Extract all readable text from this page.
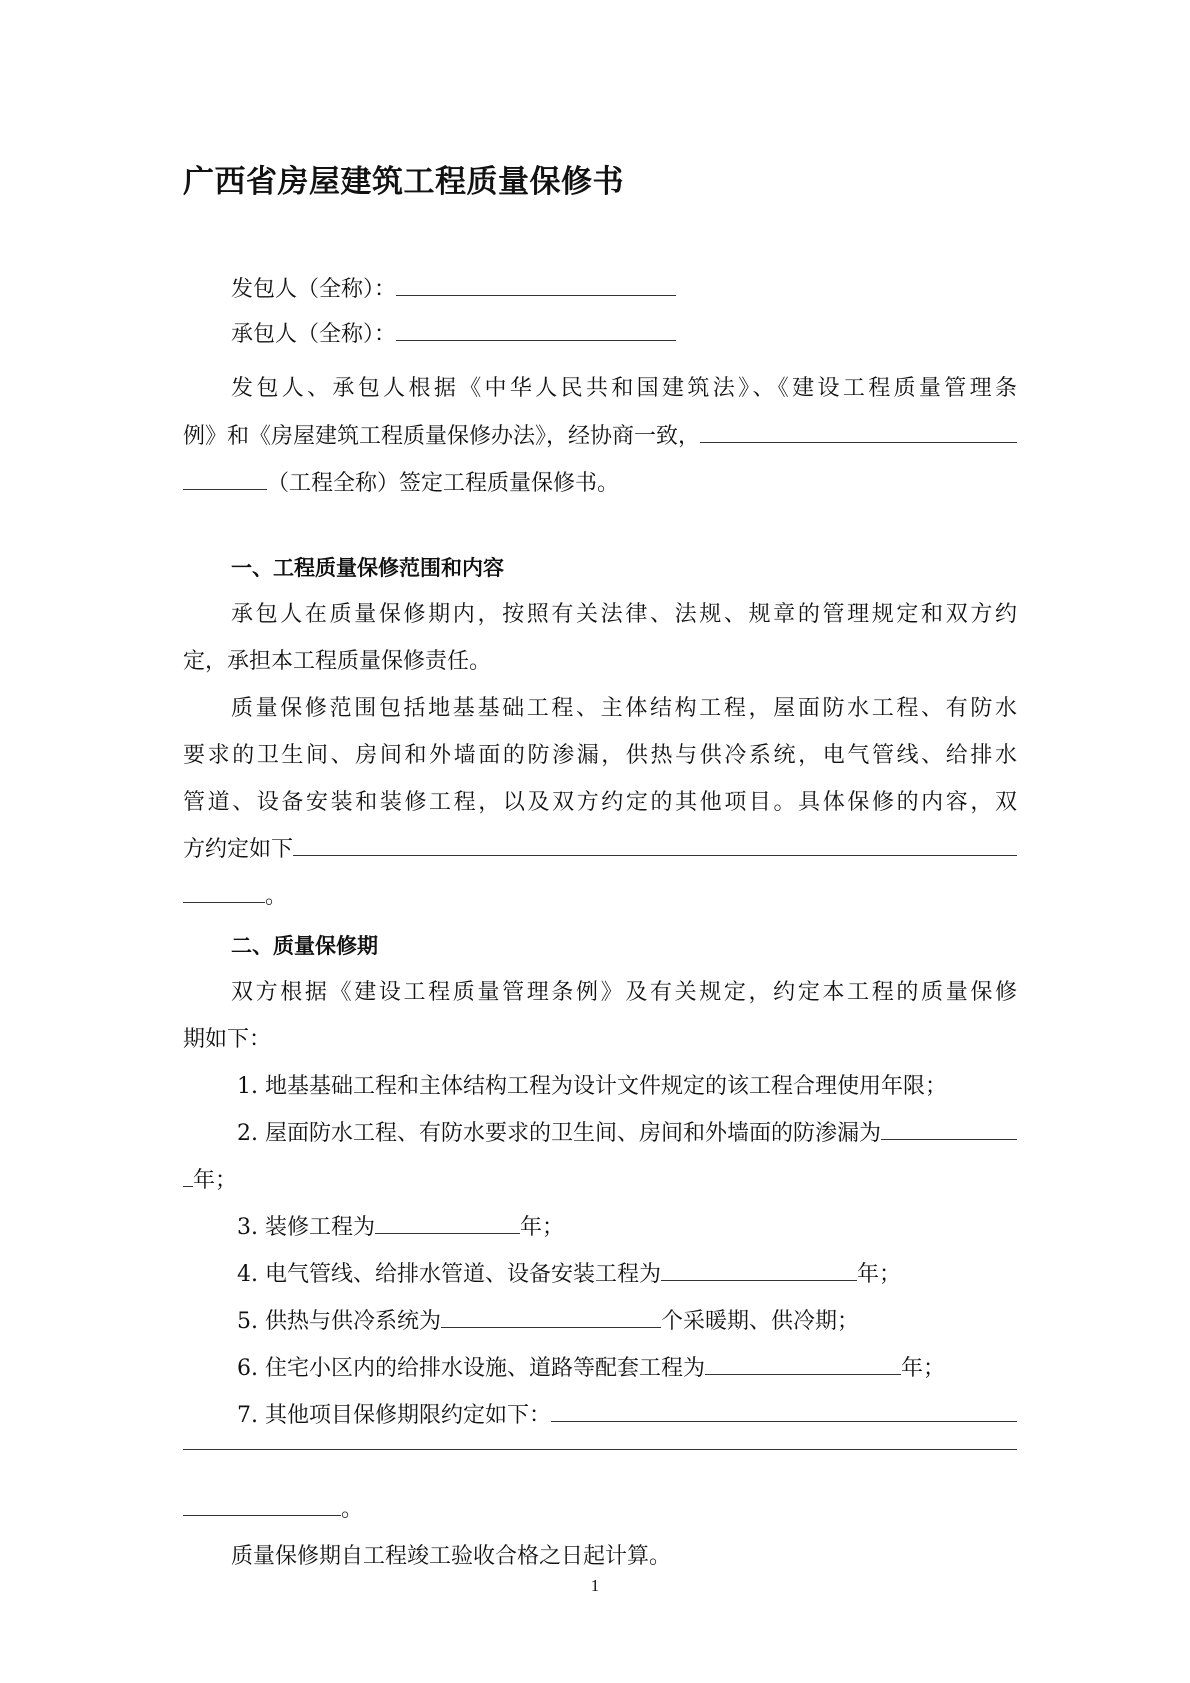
广西省房屋建筑工程质量保修书
发包人（全称）：
承包人（全称）：
发包人、承包人根据《中华人民共和国建筑法》、《建设工程质量管理条
例》和《房屋建筑工程质量保修办法》，经协商一致，
（工程全称）签定工程质量保修书。
一、工程质量保修范围和内容
承包人在质量保修期内，按照有关法律、法规、规章的管理规定和双方约
定，承担本工程质量保修责任。
质量保修范围包括地基基础工程、主体结构工程，屋面防水工程、有防水
要求的卫生间、房间和外墙面的防渗漏，供热与供冷系统，电气管线、给排水
管道、设备安装和装修工程，以及双方约定的其他项目。具体保修的内容，双
方约定如下
。
二、质量保修期
双方根据《建设工程质量管理条例》及有关规定，约定本工程的质量保修
期如下：
1. 地基基础工程和主体结构工程为设计文件规定的该工程合理使用年限；
2. 屋面防水工程、有防水要求的卫生间、房间和外墙面的防渗漏为
年；
3. 装修工程为	年；
4. 电气管线、给排水管道、设备安装工程为	年；
5. 供热与供冷系统为	个采暖期、供冷期；
6. 住宅小区内的给排水设施、道路等配套工程为	年；
7. 其他项目保修期限约定如下：
。
质量保修期自工程竣工验收合格之日起计算。
1
